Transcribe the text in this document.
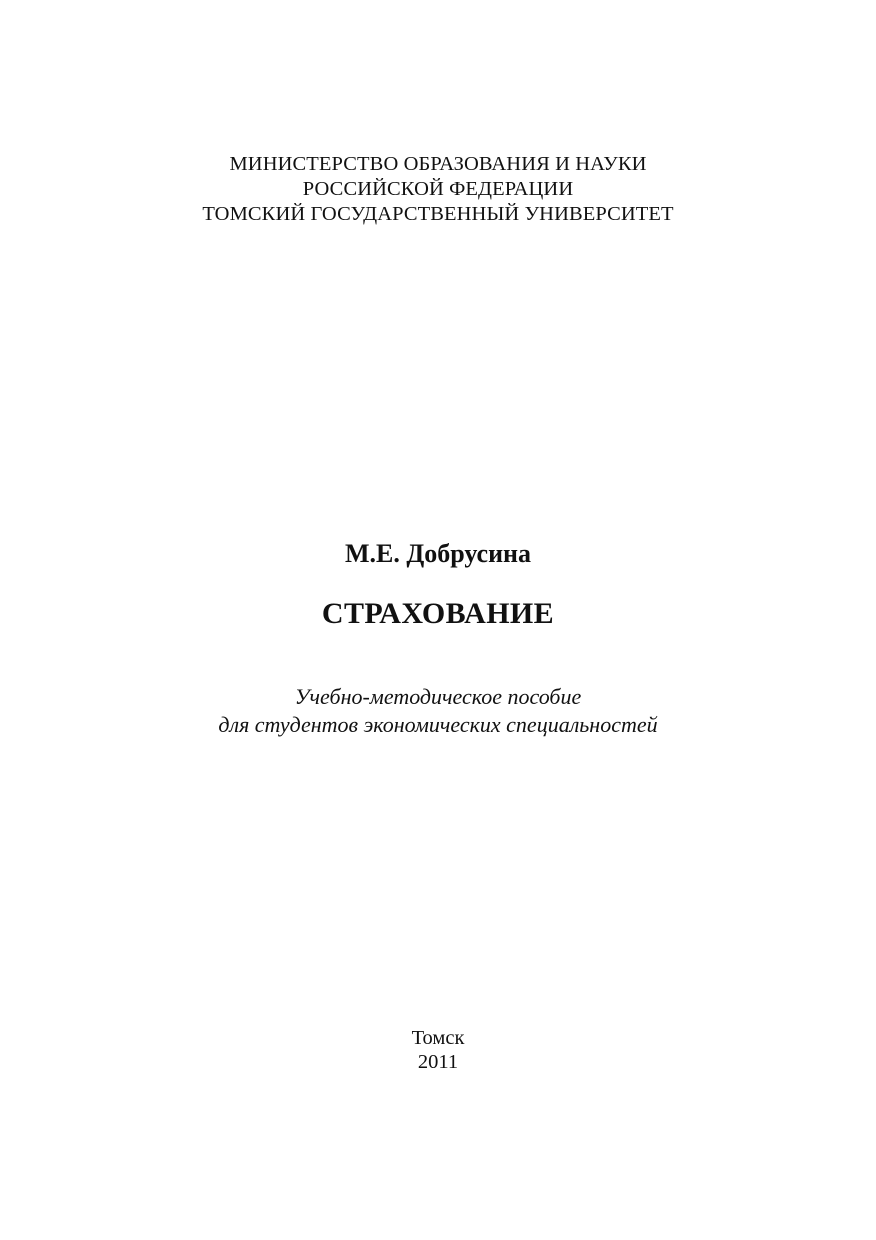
МИНИСТЕРСТВО ОБРАЗОВАНИЯ И НАУКИ
РОССИЙСКОЙ ФЕДЕРАЦИИ
ТОМСКИЙ ГОСУДАРСТВЕННЫЙ УНИВЕРСИТЕТ
М.Е. Добрусина
СТРАХОВАНИЕ
Учебно-методическое пособие
для студентов экономических специальностей
Томск
2011
